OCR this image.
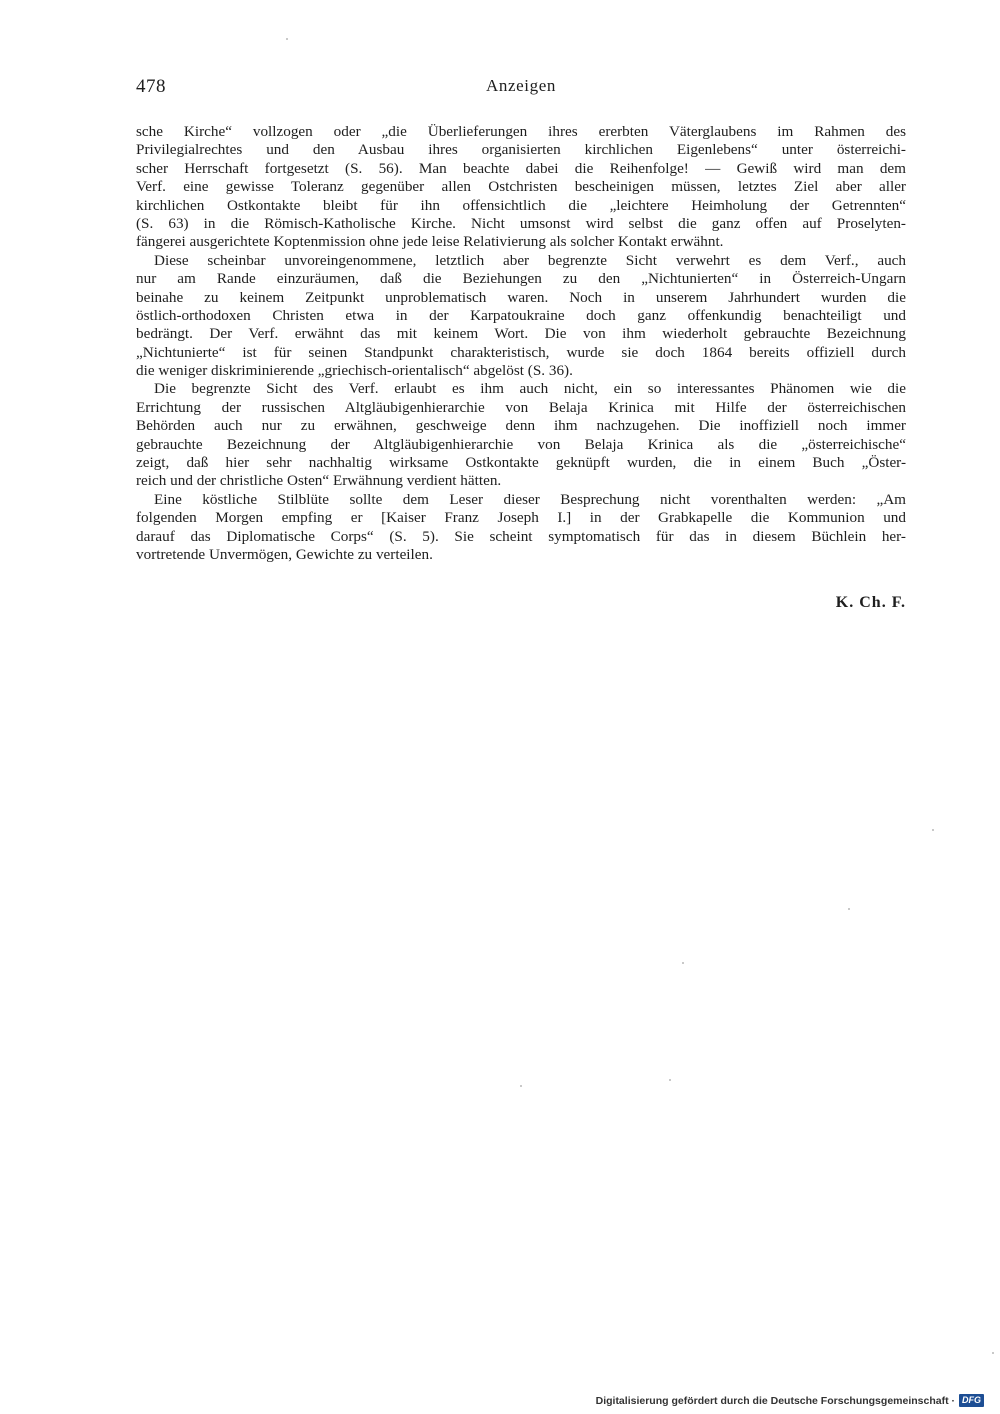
478	Anzeigen
sche Kirche“ vollzogen oder „die Überlieferungen ihres ererbten Väterglaubens im Rahmen des
Privilegialrechtes und den Ausbau ihres organisierten kirchlichen Eigenlebens“ unter österreichi-
scher Herrschaft fortgesetzt (S. 56). Man beachte dabei die Reihenfolge! — Gewiß wird man dem
Verf. eine gewisse Toleranz gegenüber allen Ostchristen bescheinigen müssen, letztes Ziel aber aller
kirchlichen Ostkontakte bleibt für ihn offensichtlich die „leichtere Heimholung der Getrennten“
(S. 63) in die Römisch-Katholische Kirche. Nicht umsonst wird selbst die ganz offen auf Proselyten-
fängerei ausgerichtete Koptenmission ohne jede leise Relativierung als solcher Kontakt erwähnt.
Diese scheinbar unvoreingenommene, letztlich aber begrenzte Sicht verwehrt es dem Verf., auch
nur am Rande einzuräumen, daß die Beziehungen zu den „Nichtunierten“ in Österreich-Ungarn
beinahe zu keinem Zeitpunkt unproblematisch waren. Noch in unserem Jahrhundert wurden die
östlich-orthodoxen Christen etwa in der Karpatoukraine doch ganz offenkundig benachteiligt und
bedrängt. Der Verf. erwähnt das mit keinem Wort. Die von ihm wiederholt gebrauchte Bezeichnung
„Nichtunierte“ ist für seinen Standpunkt charakteristisch, wurde sie doch 1864 bereits offiziell durch
die weniger diskriminierende „griechisch-orientalisch“ abgelöst (S. 36).
Die begrenzte Sicht des Verf. erlaubt es ihm auch nicht, ein so interessantes Phänomen wie die
Errichtung der russischen Altgläubigenhierarchie von Belaja Krinica mit Hilfe der österreichischen
Behörden auch nur zu erwähnen, geschweige denn ihm nachzugehen. Die inoffiziell noch immer
gebrauchte Bezeichnung der Altgläubigenhierarchie von Belaja Krinica als die „österreichische“
zeigt, daß hier sehr nachhaltig wirksame Ostkontakte geknüpft wurden, die in einem Buch „Öster-
reich und der christliche Osten“ Erwähnung verdient hätten.
Eine köstliche Stilblüte sollte dem Leser dieser Besprechung nicht vorenthalten werden: „Am
folgenden Morgen empfing er [Kaiser Franz Joseph I.] in der Grabkapelle die Kommunion und
darauf das Diplomatische Corps“ (S. 5). Sie scheint symptomatisch für das in diesem Büchlein her-
vortretende Unvermögen, Gewichte zu verteilen.
K. Ch. F.
Digitalisierung gefördert durch die Deutsche Forschungsgemeinschaft · DFG
